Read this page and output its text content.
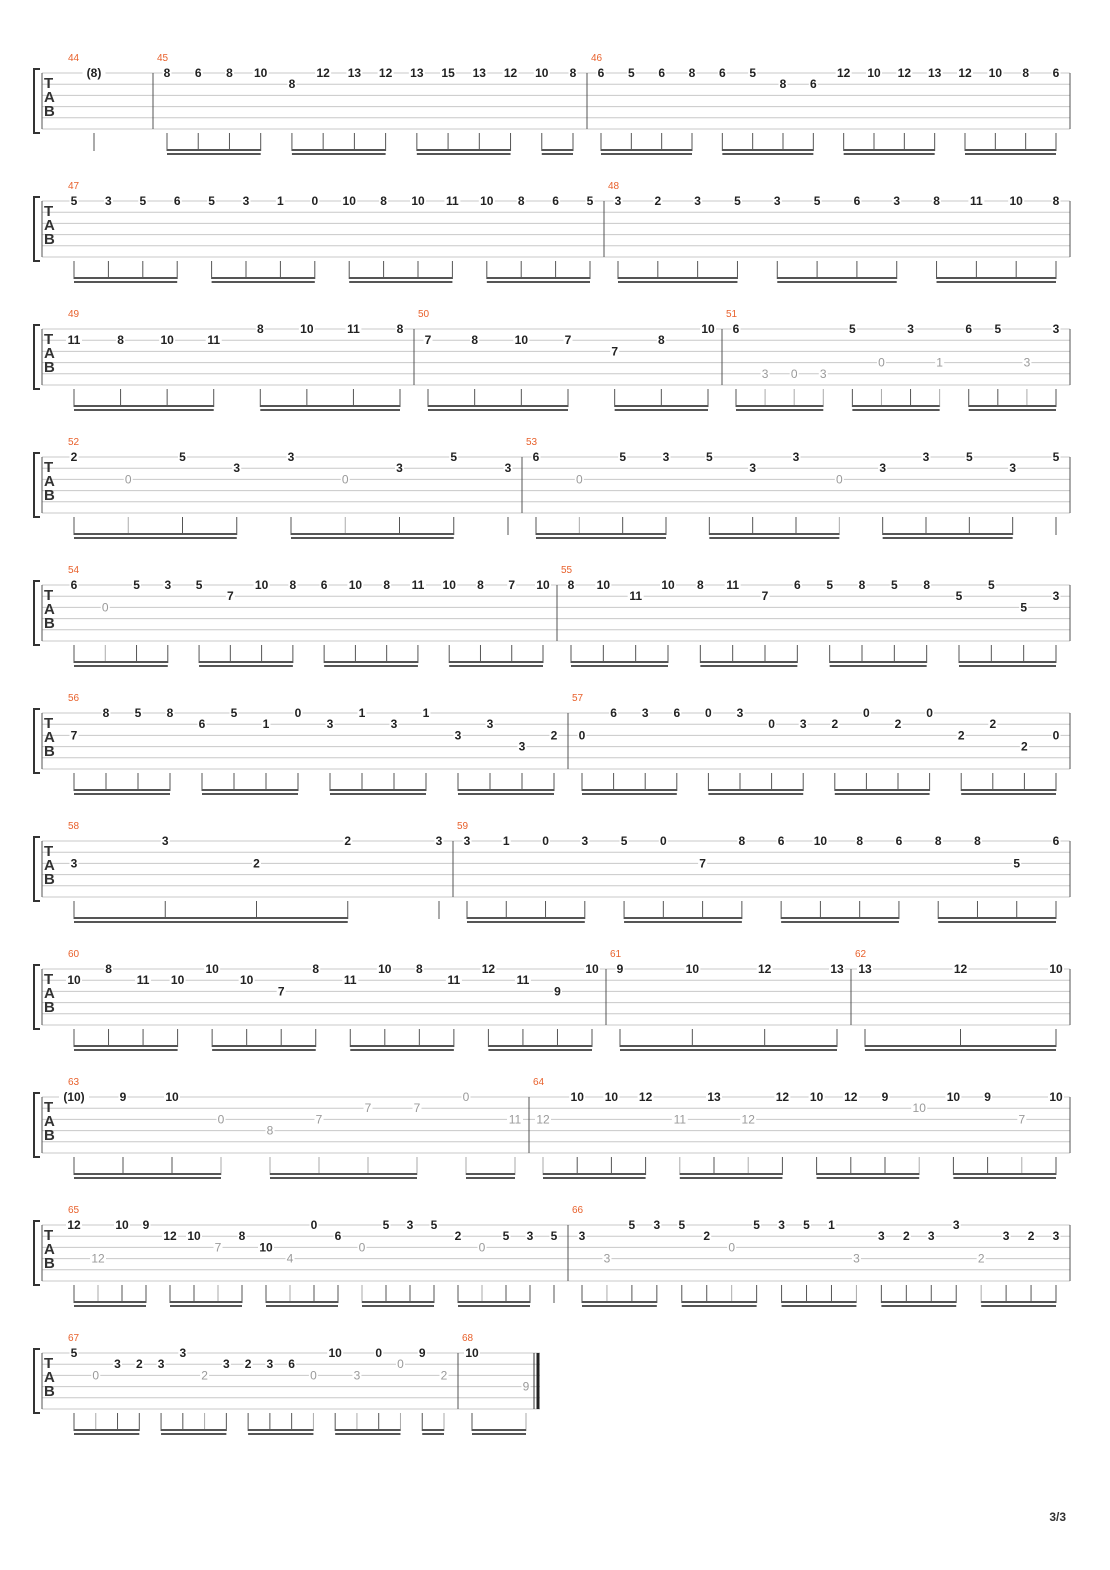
T
A
B
44
(8)
45
8 6 8 10
8
12 13 12 13 15 13 12 10 8
46
6 5 6 8 6 5
8 6
12 10 12 13 12 10 8 6
T
A
B
47
5 3 5 6 5 3 1 0 10 8 10 11 10 8 6 5
48
3	2	3	5	3	5	6	3	8	11 10 8
T
A
B
49
11	8	10	11
8	10	11	8
50
7	8	10	7
7
8
10
51
6
3 0 3
5
0
3
1
6 5
3
3
T
A
B
52
2
0
5
3
3
0
3
5
3
53
6
0
5	3	5
3
3
0
3
3	5
3
5
T
A
B
54
6
0
5 3 5
7
10 8 6 10 8 11 10 8 7 10
55
8 10
11
10 8 11
7
6 5 8 5 8
5
5
5
3
T
A
B
56
7
8 5 8
6
5
1
0
3
1
3
1
3
3
3
2
57
0
6 3 6 0 3
0 3 2
0
2
0
2
2
2
0
T
A
B
58
3
3
2
2	3
59
3	1	0	3	5	0
7
8	6 10 8	6	8	8
5
6
T
A
B
60
10
8
11 10
10
10
7
8
11
10 8
11
12
11
9
10
61
9	10	12	13
62
13	12	10
T
A
B
63
(10)	9	10
0
8
7
7	7
0
11
64
12
10 10 12
11
13
12
12 10 12 9
10
10 9
7
10
T
A
B
65
12
12
10 9
12 10
7
8
10
4
0
6
0
5 3 5
2
0
5 3 5
66
3
3
5 3 5
2
0
5 3 5 1
3
3 2 3
3
2
3 2 3
T
A
B
67
5
0
3 2 3
3
2
3 2 3 6
0
10
3
0
0
9
2
68
10
9
3/3
